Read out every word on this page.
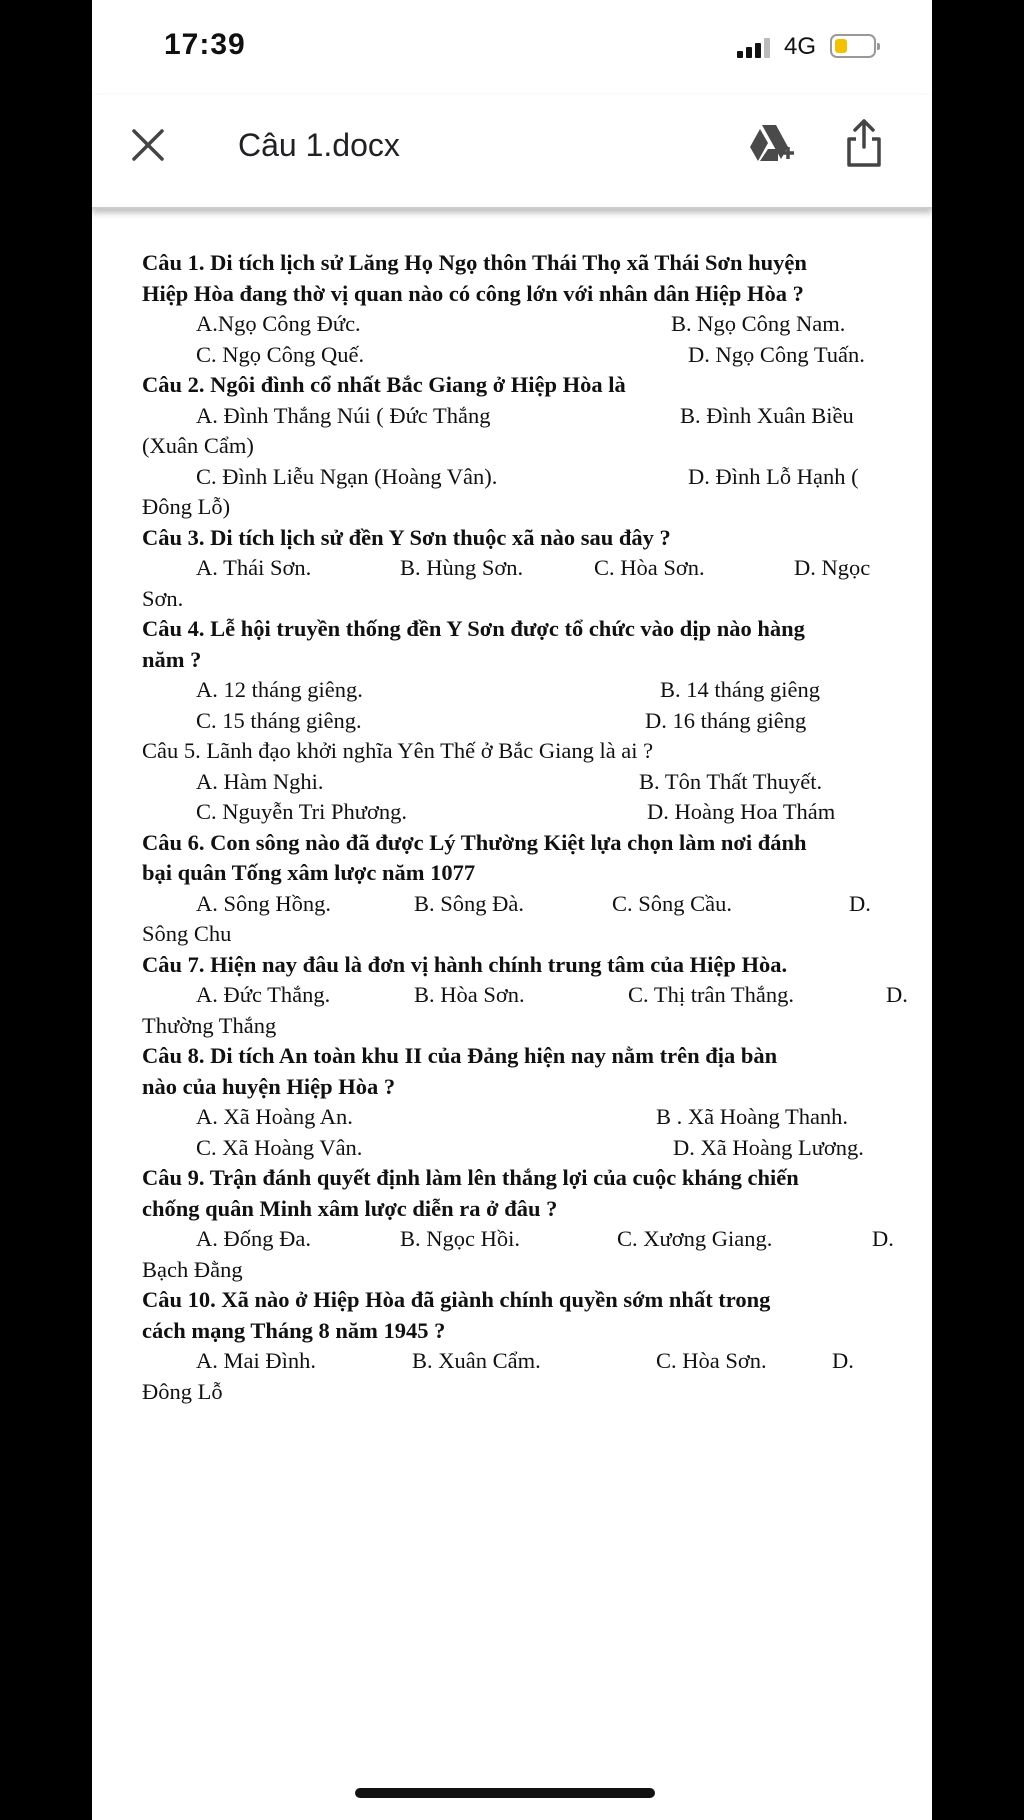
17:39	4G
Câu 1.docx
Câu 1. Di tích lịch sử Lăng Họ Ngọ thôn Thái Thọ xã Thái Sơn huyện
Hiệp Hòa đang thờ vị quan nào có công lớn với nhân dân Hiệp Hòa ?
A.Ngọ Công Đức.	B. Ngọ Công Nam.
C. Ngọ Công Quế.	D. Ngọ Công Tuấn.
Câu 2. Ngôi đình cổ nhất Bắc Giang ở Hiệp Hòa là
A. Đình Thắng Núi ( Đức Thắng	B. Đình Xuân Biều
(Xuân Cẩm)
C. Đình Liễu Ngạn (Hoàng Vân).	D. Đình Lỗ Hạnh (
Đông Lỗ)
Câu 3. Di tích lịch sử đền Y Sơn thuộc xã nào sau đây ?
A. Thái Sơn.	B. Hùng Sơn.	C. Hòa Sơn.	D. Ngọc
Sơn.
Câu 4. Lễ hội truyền thống đền Y Sơn được tổ chức vào dịp nào hàng
năm ?
A. 12 tháng giêng.	B. 14 tháng giêng
C. 15 tháng giêng.	D. 16 tháng giêng
Câu 5. Lãnh đạo khởi nghĩa Yên Thế ở Bắc Giang là ai ?
A. Hàm Nghi.	B. Tôn Thất Thuyết.
C. Nguyễn Tri Phương.	D. Hoàng Hoa Thám
Câu 6. Con sông nào đã được Lý Thường Kiệt lựa chọn làm nơi đánh
bại quân Tống xâm lược năm 1077
A. Sông Hồng.	B. Sông Đà.	C. Sông Cầu.	D.
Sông Chu
Câu 7. Hiện nay đâu là đơn vị hành chính trung tâm của Hiệp Hòa.
A. Đức Thắng.	B. Hòa Sơn.	C. Thị trân Thắng.	D.
Thường Thắng
Câu 8. Di tích An toàn khu II của Đảng hiện nay nằm trên địa bàn
nào của huyện Hiệp Hòa ?
A. Xã Hoàng An.	B . Xã Hoàng Thanh.
C. Xã Hoàng Vân.	D. Xã Hoàng Lương.
Câu 9. Trận đánh quyết định làm lên thắng lợi của cuộc kháng chiến
chống quân Minh xâm lược diễn ra ở đâu ?
A. Đống Đa.	B. Ngọc Hồi.	C. Xương Giang.	D.
Bạch Đằng
Câu 10. Xã nào ở Hiệp Hòa đã giành chính quyền sớm nhất trong
cách mạng Tháng 8 năm 1945 ?
A. Mai Đình.	B. Xuân Cẩm.	C. Hòa Sơn.	D.
Đông Lỗ
